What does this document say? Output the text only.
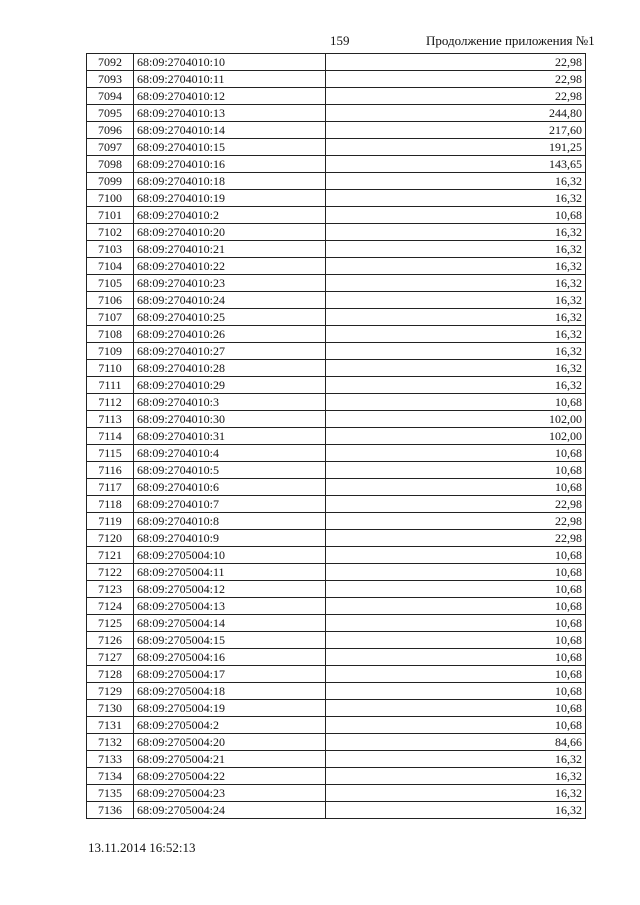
159	Продолжение приложения №1
7092	68:09:2704010:10	22,98
7093	68:09:2704010:11	22,98
7094	68:09:2704010:12	22,98
7095	68:09:2704010:13	244,80
7096	68:09:2704010:14	217,60
7097	68:09:2704010:15	191,25
7098	68:09:2704010:16	143,65
7099	68:09:2704010:18	16,32
7100	68:09:2704010:19	16,32
7101	68:09:2704010:2	10,68
7102	68:09:2704010:20	16,32
7103	68:09:2704010:21	16,32
7104	68:09:2704010:22	16,32
7105	68:09:2704010:23	16,32
7106	68:09:2704010:24	16,32
7107	68:09:2704010:25	16,32
7108	68:09:2704010:26	16,32
7109	68:09:2704010:27	16,32
7110	68:09:2704010:28	16,32
7111	68:09:2704010:29	16,32
7112	68:09:2704010:3	10,68
7113	68:09:2704010:30	102,00
7114	68:09:2704010:31	102,00
7115	68:09:2704010:4	10,68
7116	68:09:2704010:5	10,68
7117	68:09:2704010:6	10,68
7118	68:09:2704010:7	22,98
7119	68:09:2704010:8	22,98
7120	68:09:2704010:9	22,98
7121	68:09:2705004:10	10,68
7122	68:09:2705004:11	10,68
7123	68:09:2705004:12	10,68
7124	68:09:2705004:13	10,68
7125	68:09:2705004:14	10,68
7126	68:09:2705004:15	10,68
7127	68:09:2705004:16	10,68
7128	68:09:2705004:17	10,68
7129	68:09:2705004:18	10,68
7130	68:09:2705004:19	10,68
7131	68:09:2705004:2	10,68
7132	68:09:2705004:20	84,66
7133	68:09:2705004:21	16,32
7134	68:09:2705004:22	16,32
7135	68:09:2705004:23	16,32
7136	68:09:2705004:24	16,32
13.11.2014 16:52:13
